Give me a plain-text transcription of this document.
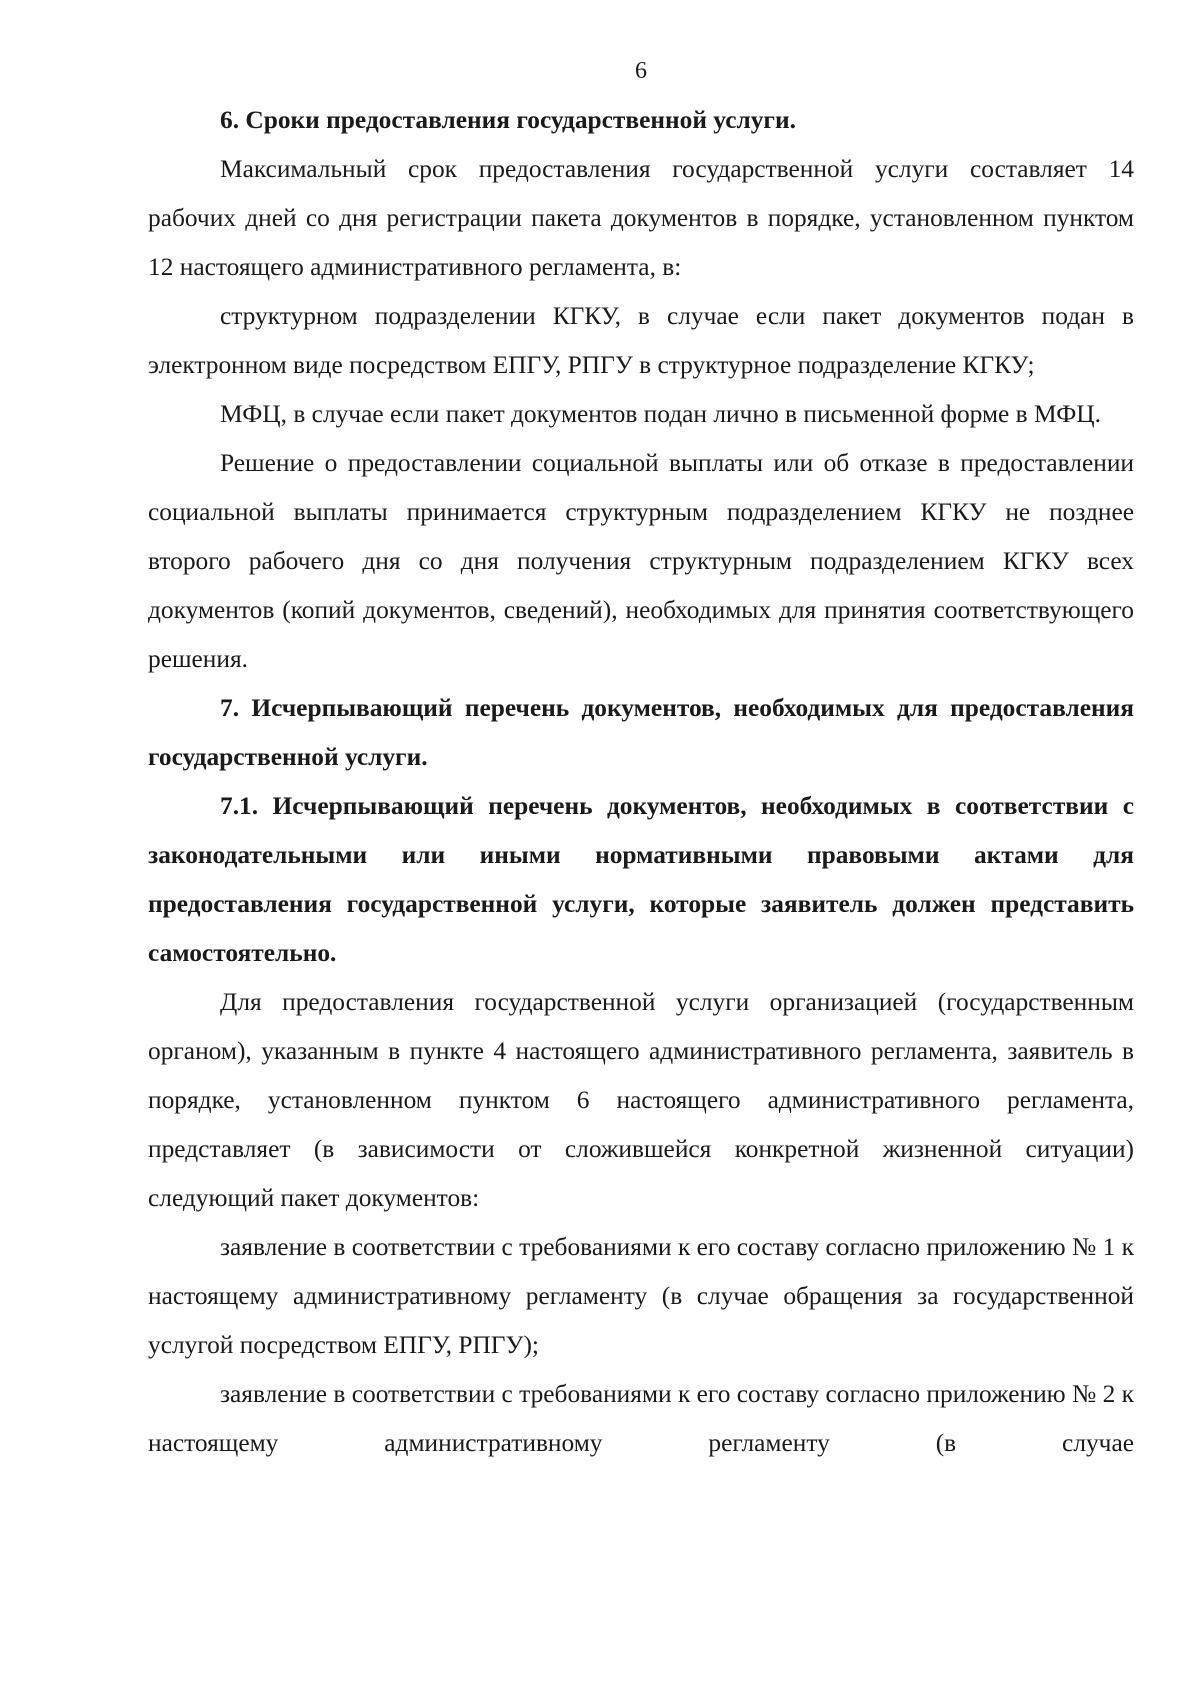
6

6. Сроки предоставления государственной услуги.

Максимальный срок предоставления государственной услуги составляет 14 рабочих дней со дня регистрации пакета документов в порядке, установленном пунктом 12 настоящего административного регламента, в:

структурном подразделении КГКУ, в случае если пакет документов подан в электронном виде посредством ЕПГУ, РПГУ в структурное подразделение КГКУ;

МФЦ, в случае если пакет документов подан лично в письменной форме в МФЦ.

Решение о предоставлении социальной выплаты или об отказе в предоставлении социальной выплаты принимается структурным подразделением КГКУ не позднее второго рабочего дня со дня получения структурным подразделением КГКУ всех документов (копий документов, сведений), необходимых для принятия соответствующего решения.

7. Исчерпывающий перечень документов, необходимых для предоставления государственной услуги.

7.1. Исчерпывающий перечень документов, необходимых в соответствии с законодательными или иными нормативными правовыми актами для предоставления государственной услуги, которые заявитель должен представить самостоятельно.

Для предоставления государственной услуги организацией (государственным органом), указанным в пункте 4 настоящего административного регламента, заявитель в порядке, установленном пунктом 6 настоящего административного регламента, представляет (в зависимости от сложившейся конкретной жизненной ситуации) следующий пакет документов:

заявление в соответствии с требованиями к его составу согласно приложению № 1 к настоящему административному регламенту (в случае обращения за государственной услугой посредством ЕПГУ, РПГУ);

заявление в соответствии с требованиями к его составу согласно приложению № 2 к настоящему административному регламенту (в случае
